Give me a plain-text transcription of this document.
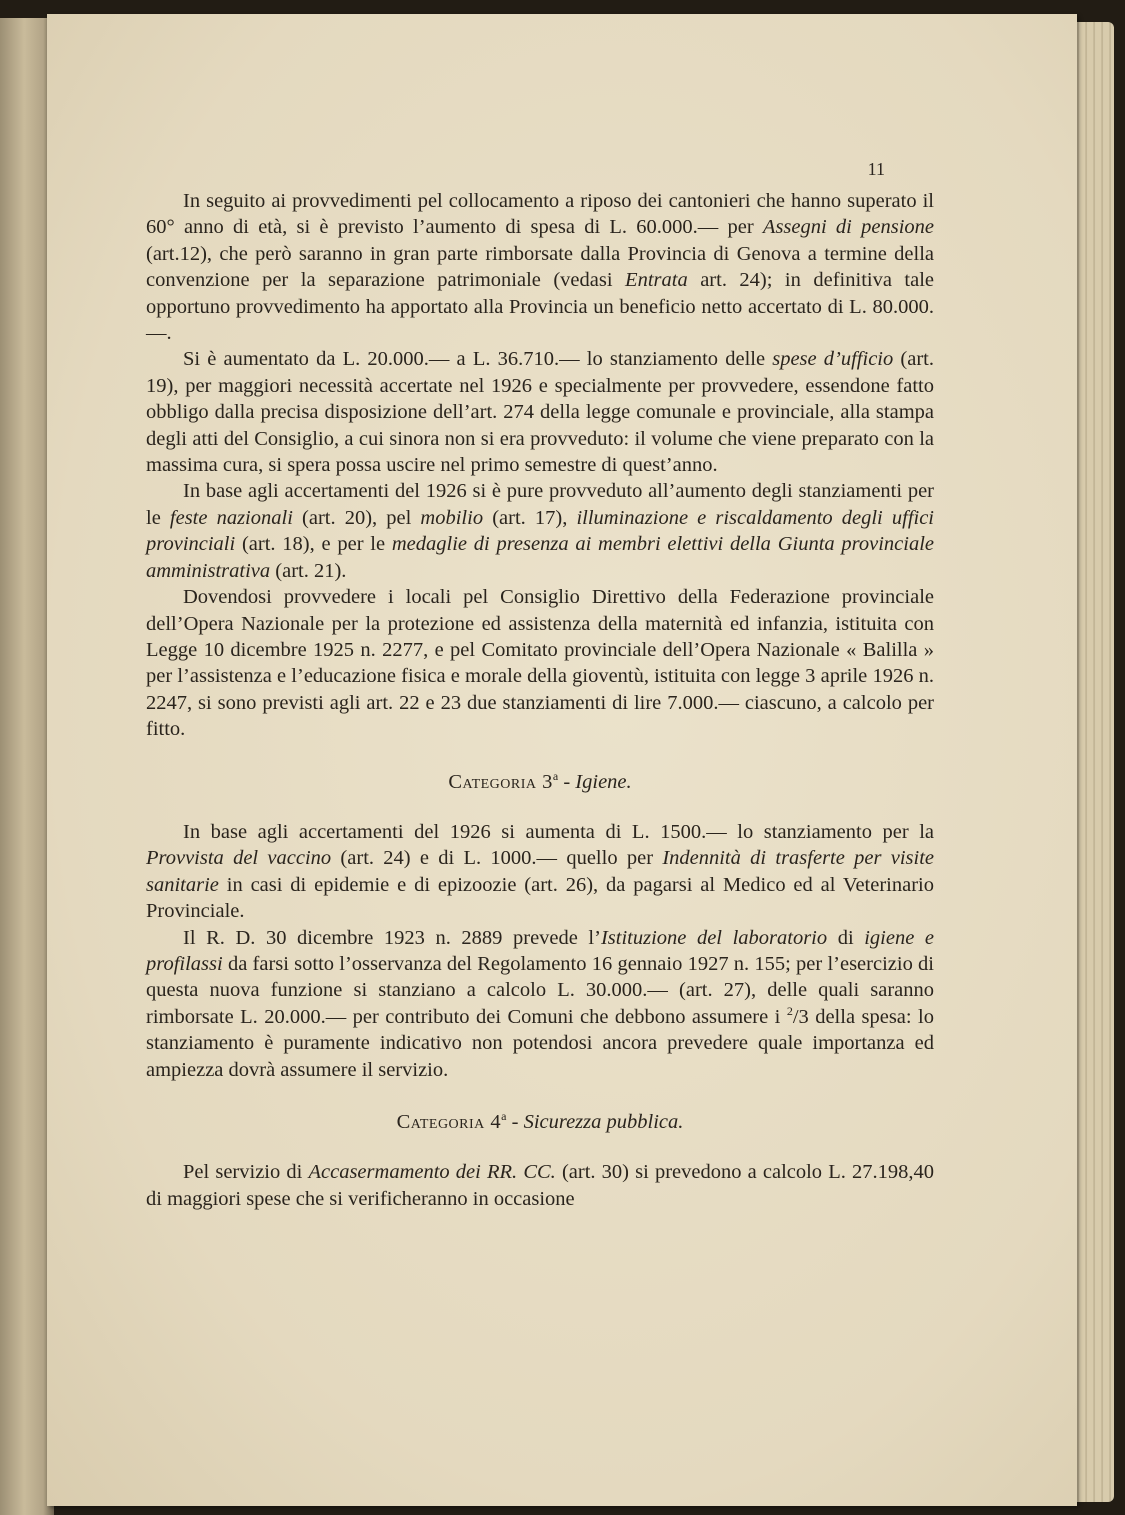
11

In seguito ai provvedimenti pel collocamento a riposo dei cantonieri che hanno superato il 60° anno di età, si è previsto l’aumento di spesa di L. 60.000.— per Assegni di pensione (art.12), che però saranno in gran parte rimborsate dalla Provincia di Genova a termine della convenzione per la separazione patrimoniale (vedasi Entrata art. 24); in definitiva tale opportuno provvedimento ha apportato alla Provincia un beneficio netto accertato di L. 80.000.—.

Si è aumentato da L. 20.000.— a L. 36.710.— lo stanziamento delle spese d’ufficio (art. 19), per maggiori necessità accertate nel 1926 e specialmente per provvedere, essendone fatto obbligo dalla precisa disposizione dell’art. 274 della legge comunale e provinciale, alla stampa degli atti del Consiglio, a cui sinora non si era provveduto: il volume che viene preparato con la massima cura, si spera possa uscire nel primo semestre di quest’anno.

In base agli accertamenti del 1926 si è pure provveduto all’aumento degli stanziamenti per le feste nazionali (art. 20), pel mobilio (art. 17), illuminazione e riscaldamento degli uffici provinciali (art. 18), e per le medaglie di presenza ai membri elettivi della Giunta provinciale amministrativa (art. 21).

Dovendosi provvedere i locali pel Consiglio Direttivo della Federazione provinciale dell’Opera Nazionale per la protezione ed assistenza della maternità ed infanzia, istituita con Legge 10 dicembre 1925 n. 2277, e pel Comitato provinciale dell’Opera Nazionale « Balilla » per l’assistenza e l’educazione fisica e morale della gioventù, istituita con legge 3 aprile 1926 n. 2247, si sono previsti agli art. 22 e 23 due stanziamenti di lire 7.000.— ciascuno, a calcolo per fitto.

Categoria 3$^a$ - Igiene.

In base agli accertamenti del 1926 si aumenta di L. 1500.— lo stanziamento per la Provvista del vaccino (art. 24) e di L. 1000.— quello per Indennità di trasferte per visite sanitarie in casi di epidemie e di epizoozie (art. 26), da pagarsi al Medico ed al Veterinario Provinciale.

Il R. D. 30 dicembre 1923 n. 2889 prevede l’Istituzione del laboratorio di igiene e profilassi da farsi sotto l’osservanza del Regolamento 16 gennaio 1927 n. 155; per l’esercizio di questa nuova funzione si stanziano a calcolo L. 30.000.— (art. 27), delle quali saranno rimborsate L. 20.000.— per contributo dei Comuni che debbono assumere i $^2$/3 della spesa: lo stanziamento è puramente indicativo non potendosi ancora prevedere quale importanza ed ampiezza dovrà assumere il servizio.

Categoria 4$^a$ - Sicurezza pubblica.

Pel servizio di Accasermamento dei RR. CC. (art. 30) si prevedono a calcolo L. 27.198,40 di maggiori spese che si verificheranno in occasione
